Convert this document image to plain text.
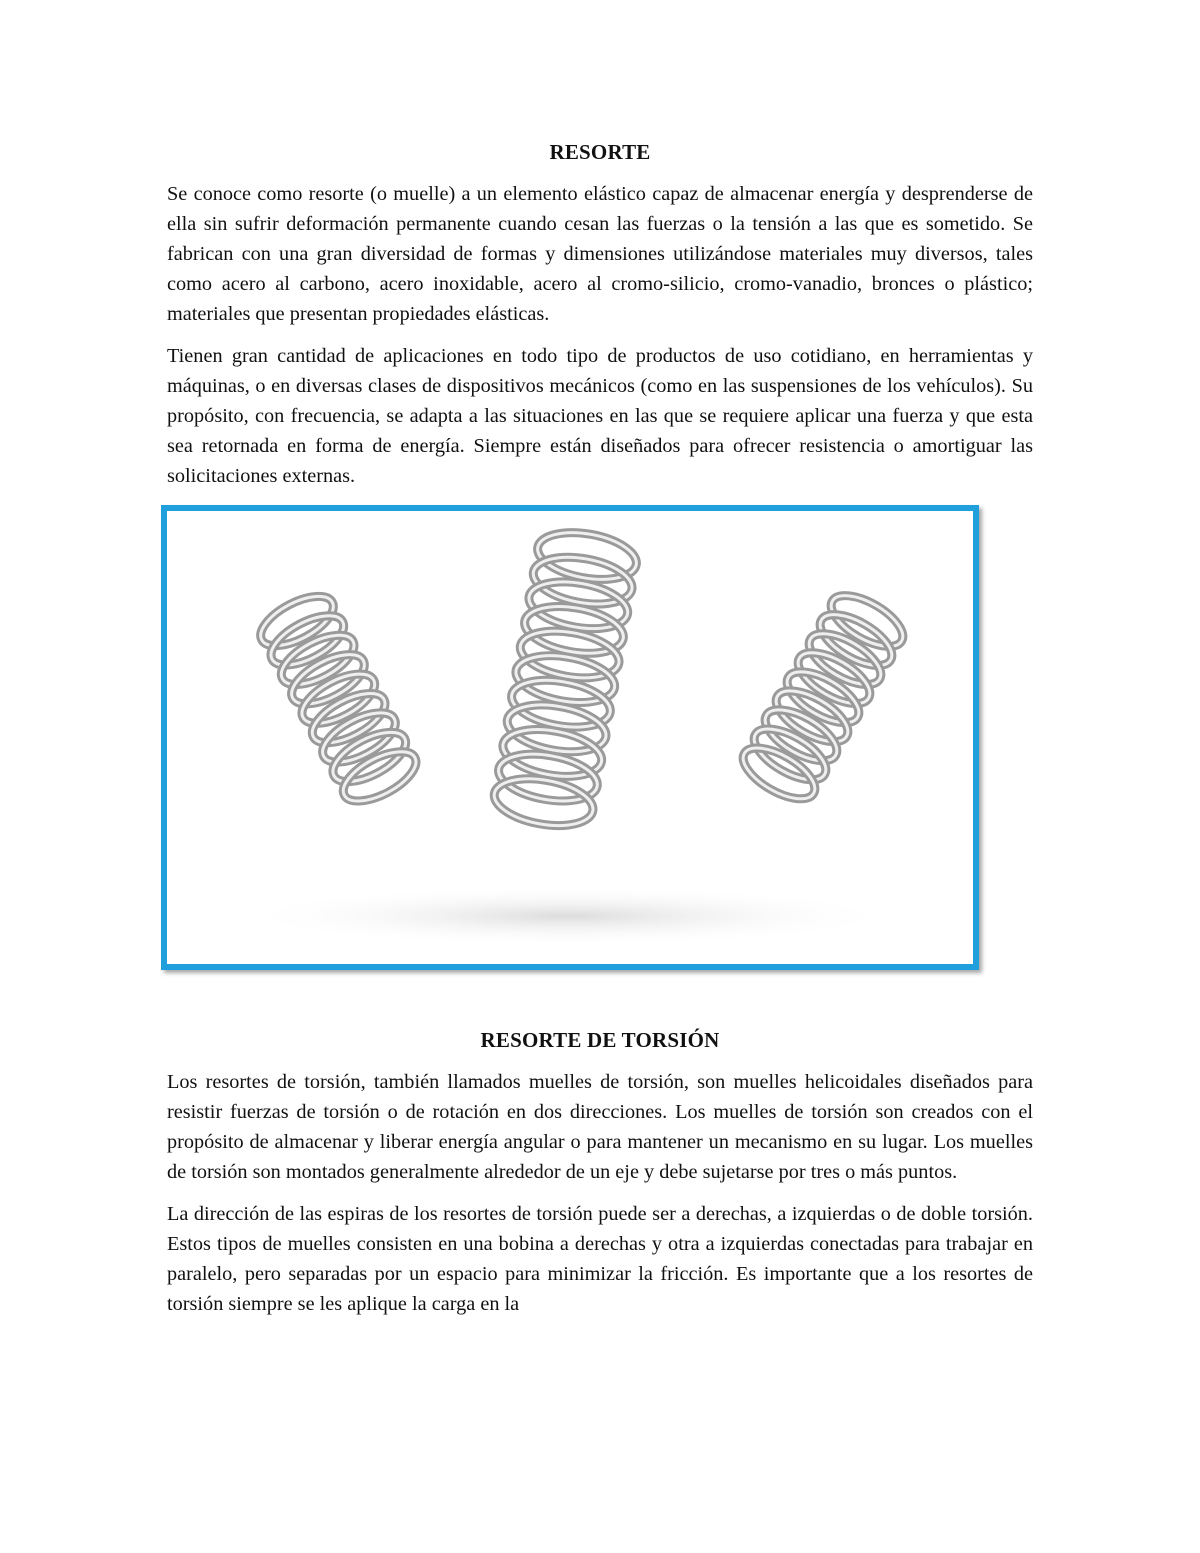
RESORTE

Se conoce como resorte (o muelle) a un elemento elástico capaz de almacenar energía y desprenderse de ella sin sufrir deformación permanente cuando cesan las fuerzas o la tensión a las que es sometido. Se fabrican con una gran diversidad de formas y dimensiones utilizándose materiales muy diversos, tales como acero al carbono, acero inoxidable, acero al cromo-silicio, cromo-vanadio, bronces o plástico; materiales que presentan propiedades elásticas.

Tienen gran cantidad de aplicaciones en todo tipo de productos de uso cotidiano, en herramientas y máquinas, o en diversas clases de dispositivos mecánicos (como en las suspensiones de los vehículos). Su propósito, con frecuencia, se adapta a las situaciones en las que se requiere aplicar una fuerza y que esta sea retornada en forma de energía. Siempre están diseñados para ofrecer resistencia o amortiguar las solicitaciones externas.

RESORTE DE TORSIÓN

Los resortes de torsión, también llamados muelles de torsión, son muelles helicoidales diseñados para resistir fuerzas de torsión o de rotación en dos direcciones. Los muelles de torsión son creados con el propósito de almacenar y liberar energía angular o para mantener un mecanismo en su lugar. Los muelles de torsión son montados generalmente alrededor de un eje y debe sujetarse por tres o más puntos.

La dirección de las espiras de los resortes de torsión puede ser a derechas, a izquierdas o de doble torsión. Estos tipos de muelles consisten en una bobina a derechas y otra a izquierdas conectadas para trabajar en paralelo, pero separadas por un espacio para minimizar la fricción. Es importante que a los resortes de torsión siempre se les aplique la carga en la
